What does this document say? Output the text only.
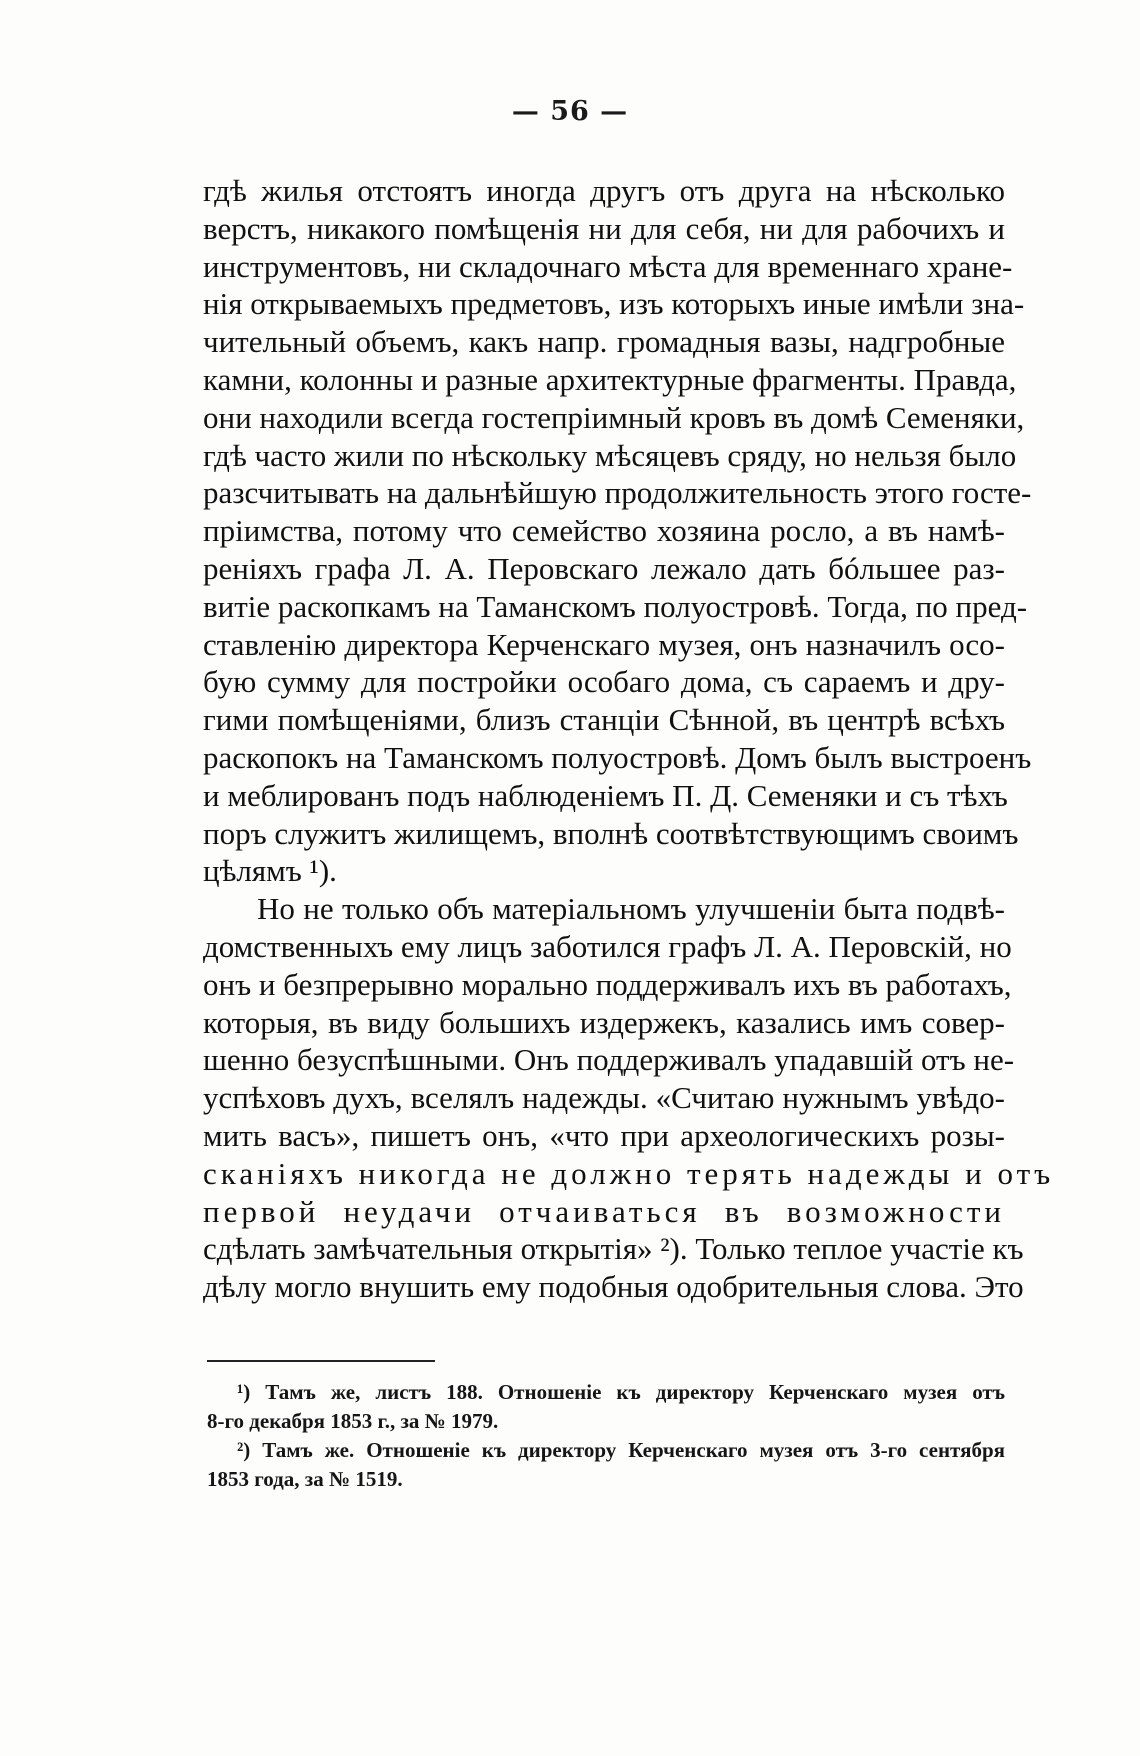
— 56 —
гдѣ жилья отстоятъ иногда другъ отъ друга на нѣсколько
верстъ, никакого помѣщенія ни для себя, ни для рабочихъ и
инструментовъ, ни складочнаго мѣста для временнаго хране-
нія открываемыхъ предметовъ, изъ которыхъ иные имѣли зна-
чительный объемъ, какъ напр. громадныя вазы, надгробные
камни, колонны и разные архитектурные фрагменты. Правда,
они находили всегда гостепріимный кровъ въ домѣ Семеняки,
гдѣ часто жили по нѣскольку мѣсяцевъ сряду, но нельзя было
разсчитывать на дальнѣйшую продолжительность этого госте-
пріимства, потому что семейство хозяина росло, а въ намѣ-
реніяхъ графа Л. А. Перовскаго лежало дать бóльшее раз-
витіе раскопкамъ на Таманскомъ полуостровѣ. Тогда, по пред-
ставленію директора Керченскаго музея, онъ назначилъ осо-
бую сумму для постройки особаго дома, съ сараемъ и дру-
гими помѣщеніями, близъ станціи Сѣнной, въ центрѣ всѣхъ
раскопокъ на Таманскомъ полуостровѣ. Домъ былъ выстроенъ
и меблированъ подъ наблюденіемъ П. Д. Семеняки и съ тѣхъ
поръ служитъ жилищемъ, вполнѣ соотвѣтствующимъ своимъ
цѣлямъ ¹).
Но не только объ матеріальномъ улучшеніи быта подвѣ-
домственныхъ ему лицъ заботился графъ Л. А. Перовскій, но
онъ и безпрерывно морально поддерживалъ ихъ въ работахъ,
которыя, въ виду большихъ издержекъ, казались имъ совер-
шенно безуспѣшными. Онъ поддерживалъ упадавшій отъ не-
успѣховъ духъ, вселялъ надежды. «Считаю нужнымъ увѣдо-
мить васъ», пишетъ онъ, «что при археологическихъ розы-
сканіяхъ никогда не должно терять надежды и отъ
первой неудачи отчаиваться въ возможности
сдѣлать замѣчательныя открытія» ²). Только теплое участіе къ
дѣлу могло внушить ему подобныя одобрительныя слова. Это
¹) Тамъ же, листъ 188. Отношеніе къ директору Керченскаго музея отъ
8-го декабря 1853 г., за № 1979.
²) Тамъ же. Отношеніе къ директору Керченскаго музея отъ 3-го сентября
1853 года, за № 1519.
